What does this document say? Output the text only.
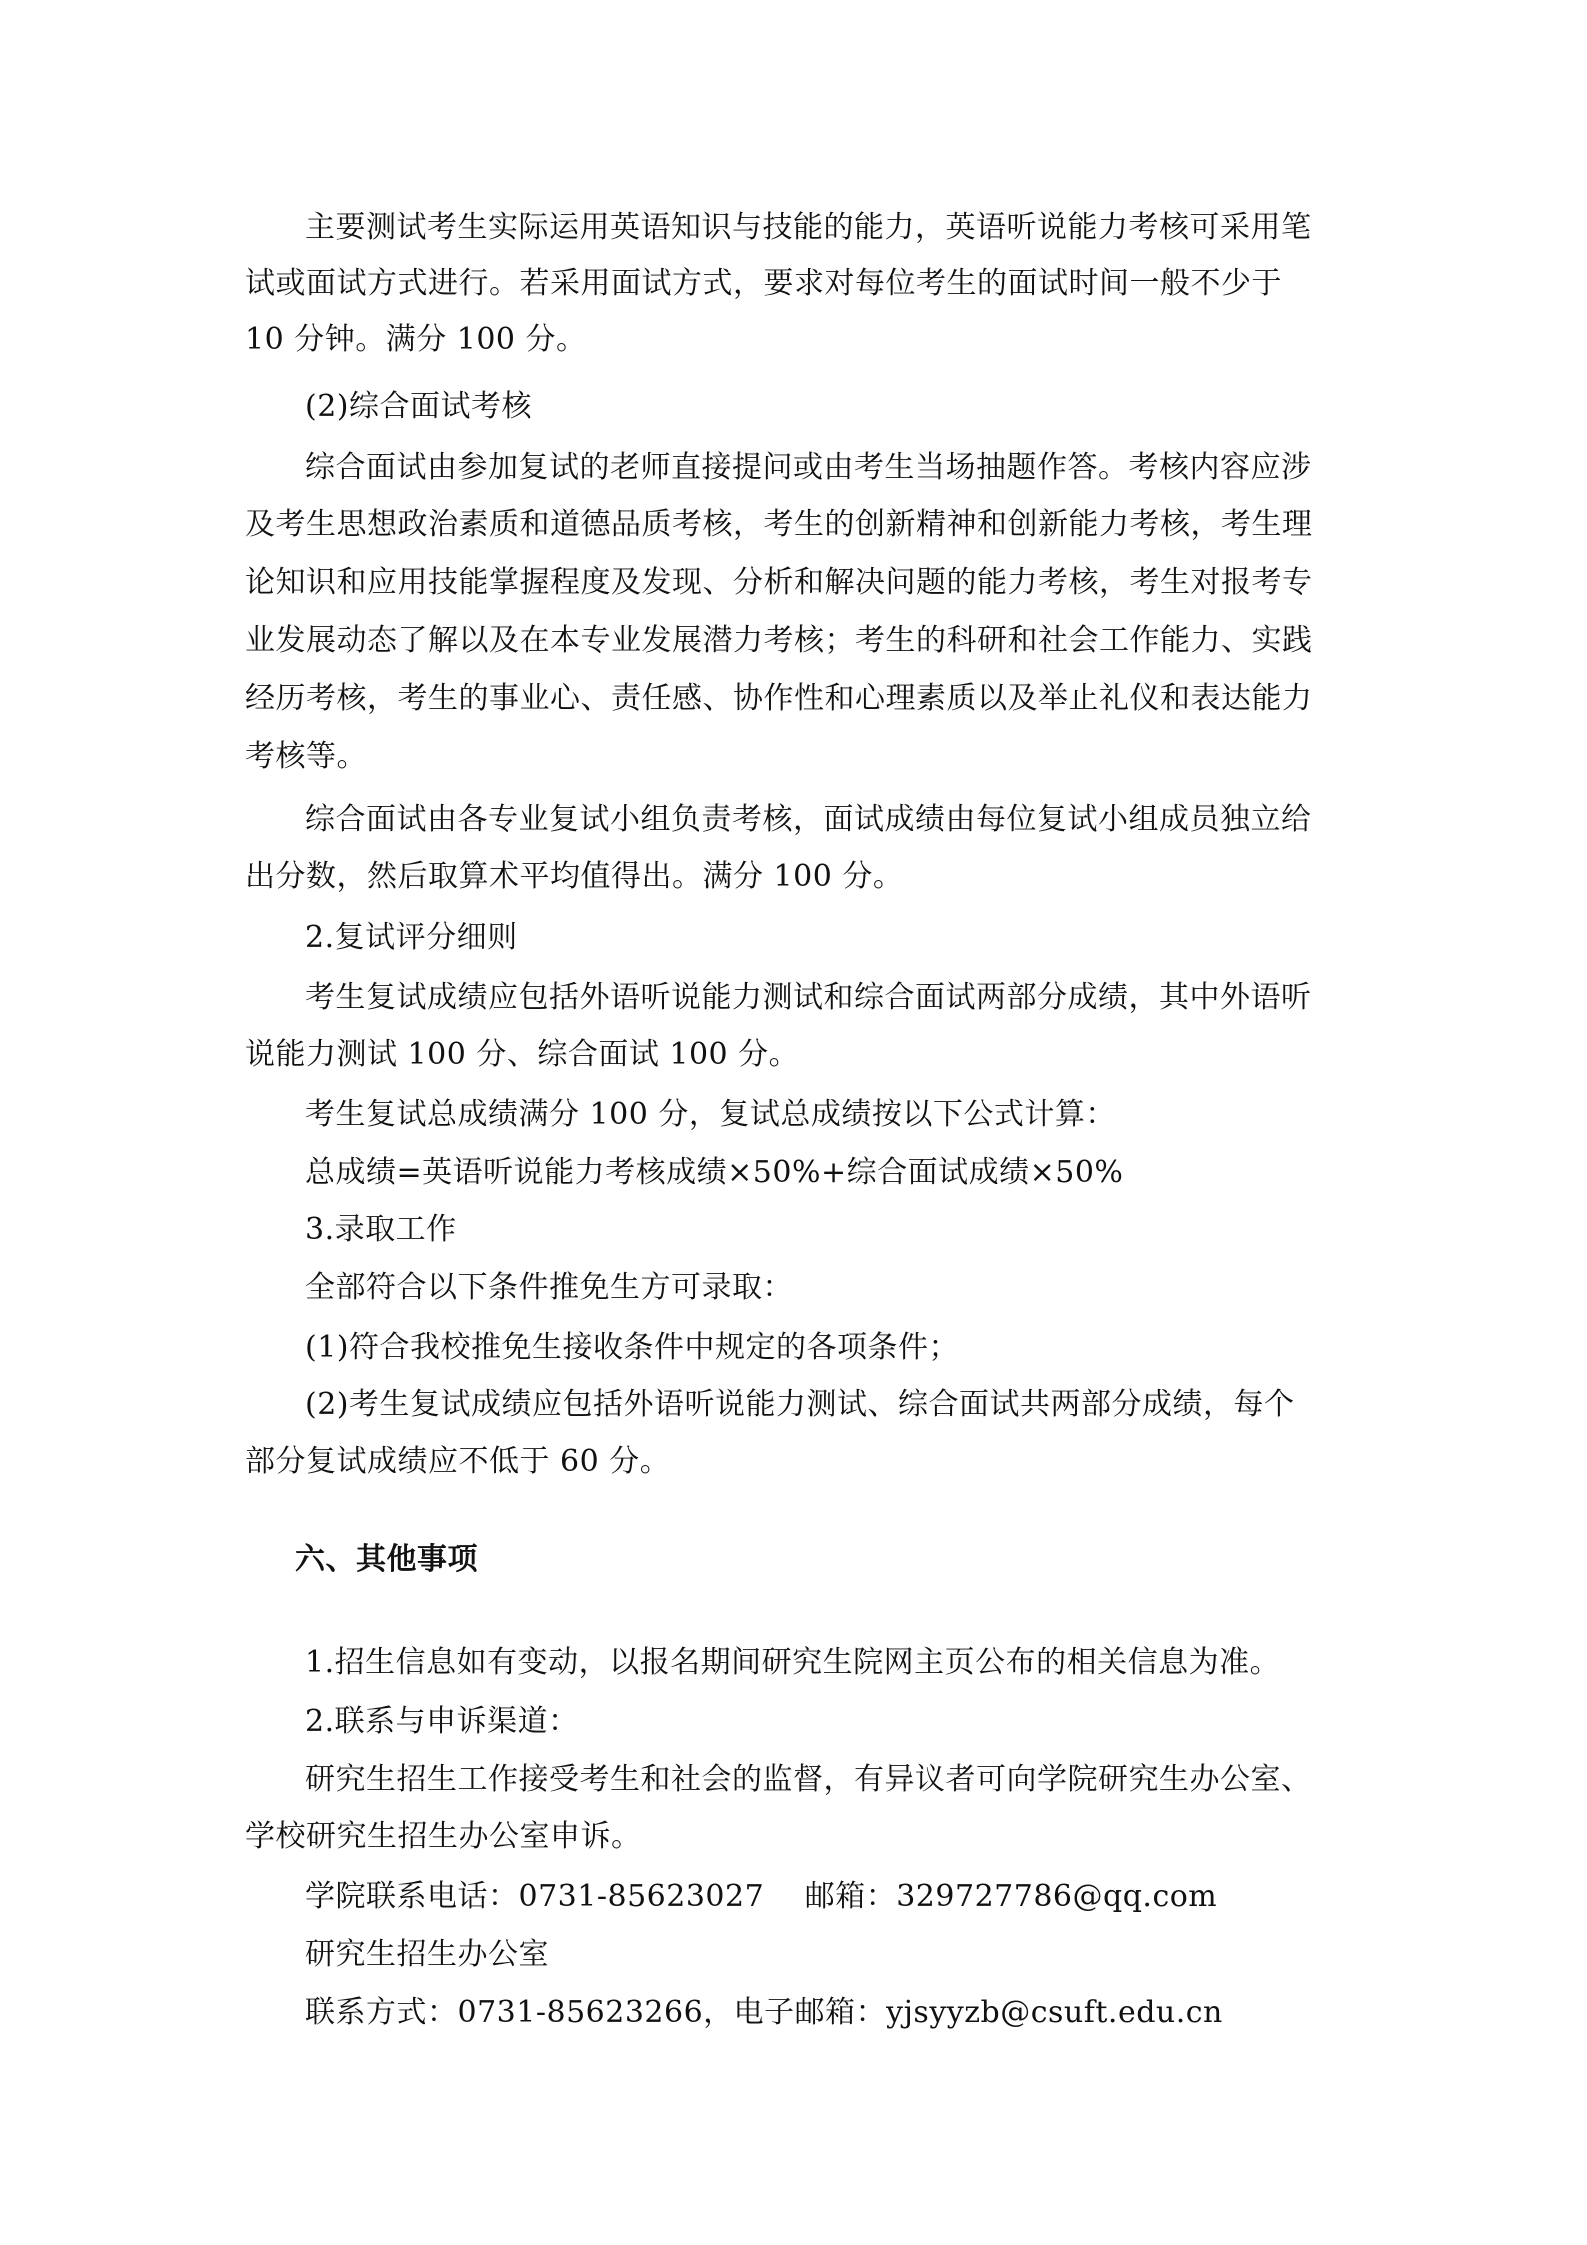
主要测试考生实际运用英语知识与技能的能力，英语听说能力考核可采用笔
试或面试方式进行。若采用面试方式，要求对每位考生的面试时间一般不少于
10 分钟。满分 100 分。
(2)综合面试考核
综合面试由参加复试的老师直接提问或由考生当场抽题作答。考核内容应涉
及考生思想政治素质和道德品质考核，考生的创新精神和创新能力考核，考生理
论知识和应用技能掌握程度及发现、分析和解决问题的能力考核，考生对报考专
业发展动态了解以及在本专业发展潜力考核；考生的科研和社会工作能力、实践
经历考核，考生的事业心、责任感、协作性和心理素质以及举止礼仪和表达能力
考核等。
综合面试由各专业复试小组负责考核，面试成绩由每位复试小组成员独立给
出分数，然后取算术平均值得出。满分 100 分。
2.复试评分细则
考生复试成绩应包括外语听说能力测试和综合面试两部分成绩，其中外语听
说能力测试 100 分、综合面试 100 分。
考生复试总成绩满分 100 分，复试总成绩按以下公式计算：
总成绩=英语听说能力考核成绩×50%+综合面试成绩×50%
3.录取工作
全部符合以下条件推免生方可录取：
(1)符合我校推免生接收条件中规定的各项条件；
(2)考生复试成绩应包括外语听说能力测试、综合面试共两部分成绩，每个
部分复试成绩应不低于 60 分。
六、其他事项
1.招生信息如有变动，以报名期间研究生院网主页公布的相关信息为准。
2.联系与申诉渠道：
研究生招生工作接受考生和社会的监督，有异议者可向学院研究生办公室、
学校研究生招生办公室申诉。
学院联系电话：0731-85623027　 邮箱：329727786@qq.com
研究生招生办公室
联系方式：0731-85623266，电子邮箱：yjsyyzb@csuft.edu.cn
